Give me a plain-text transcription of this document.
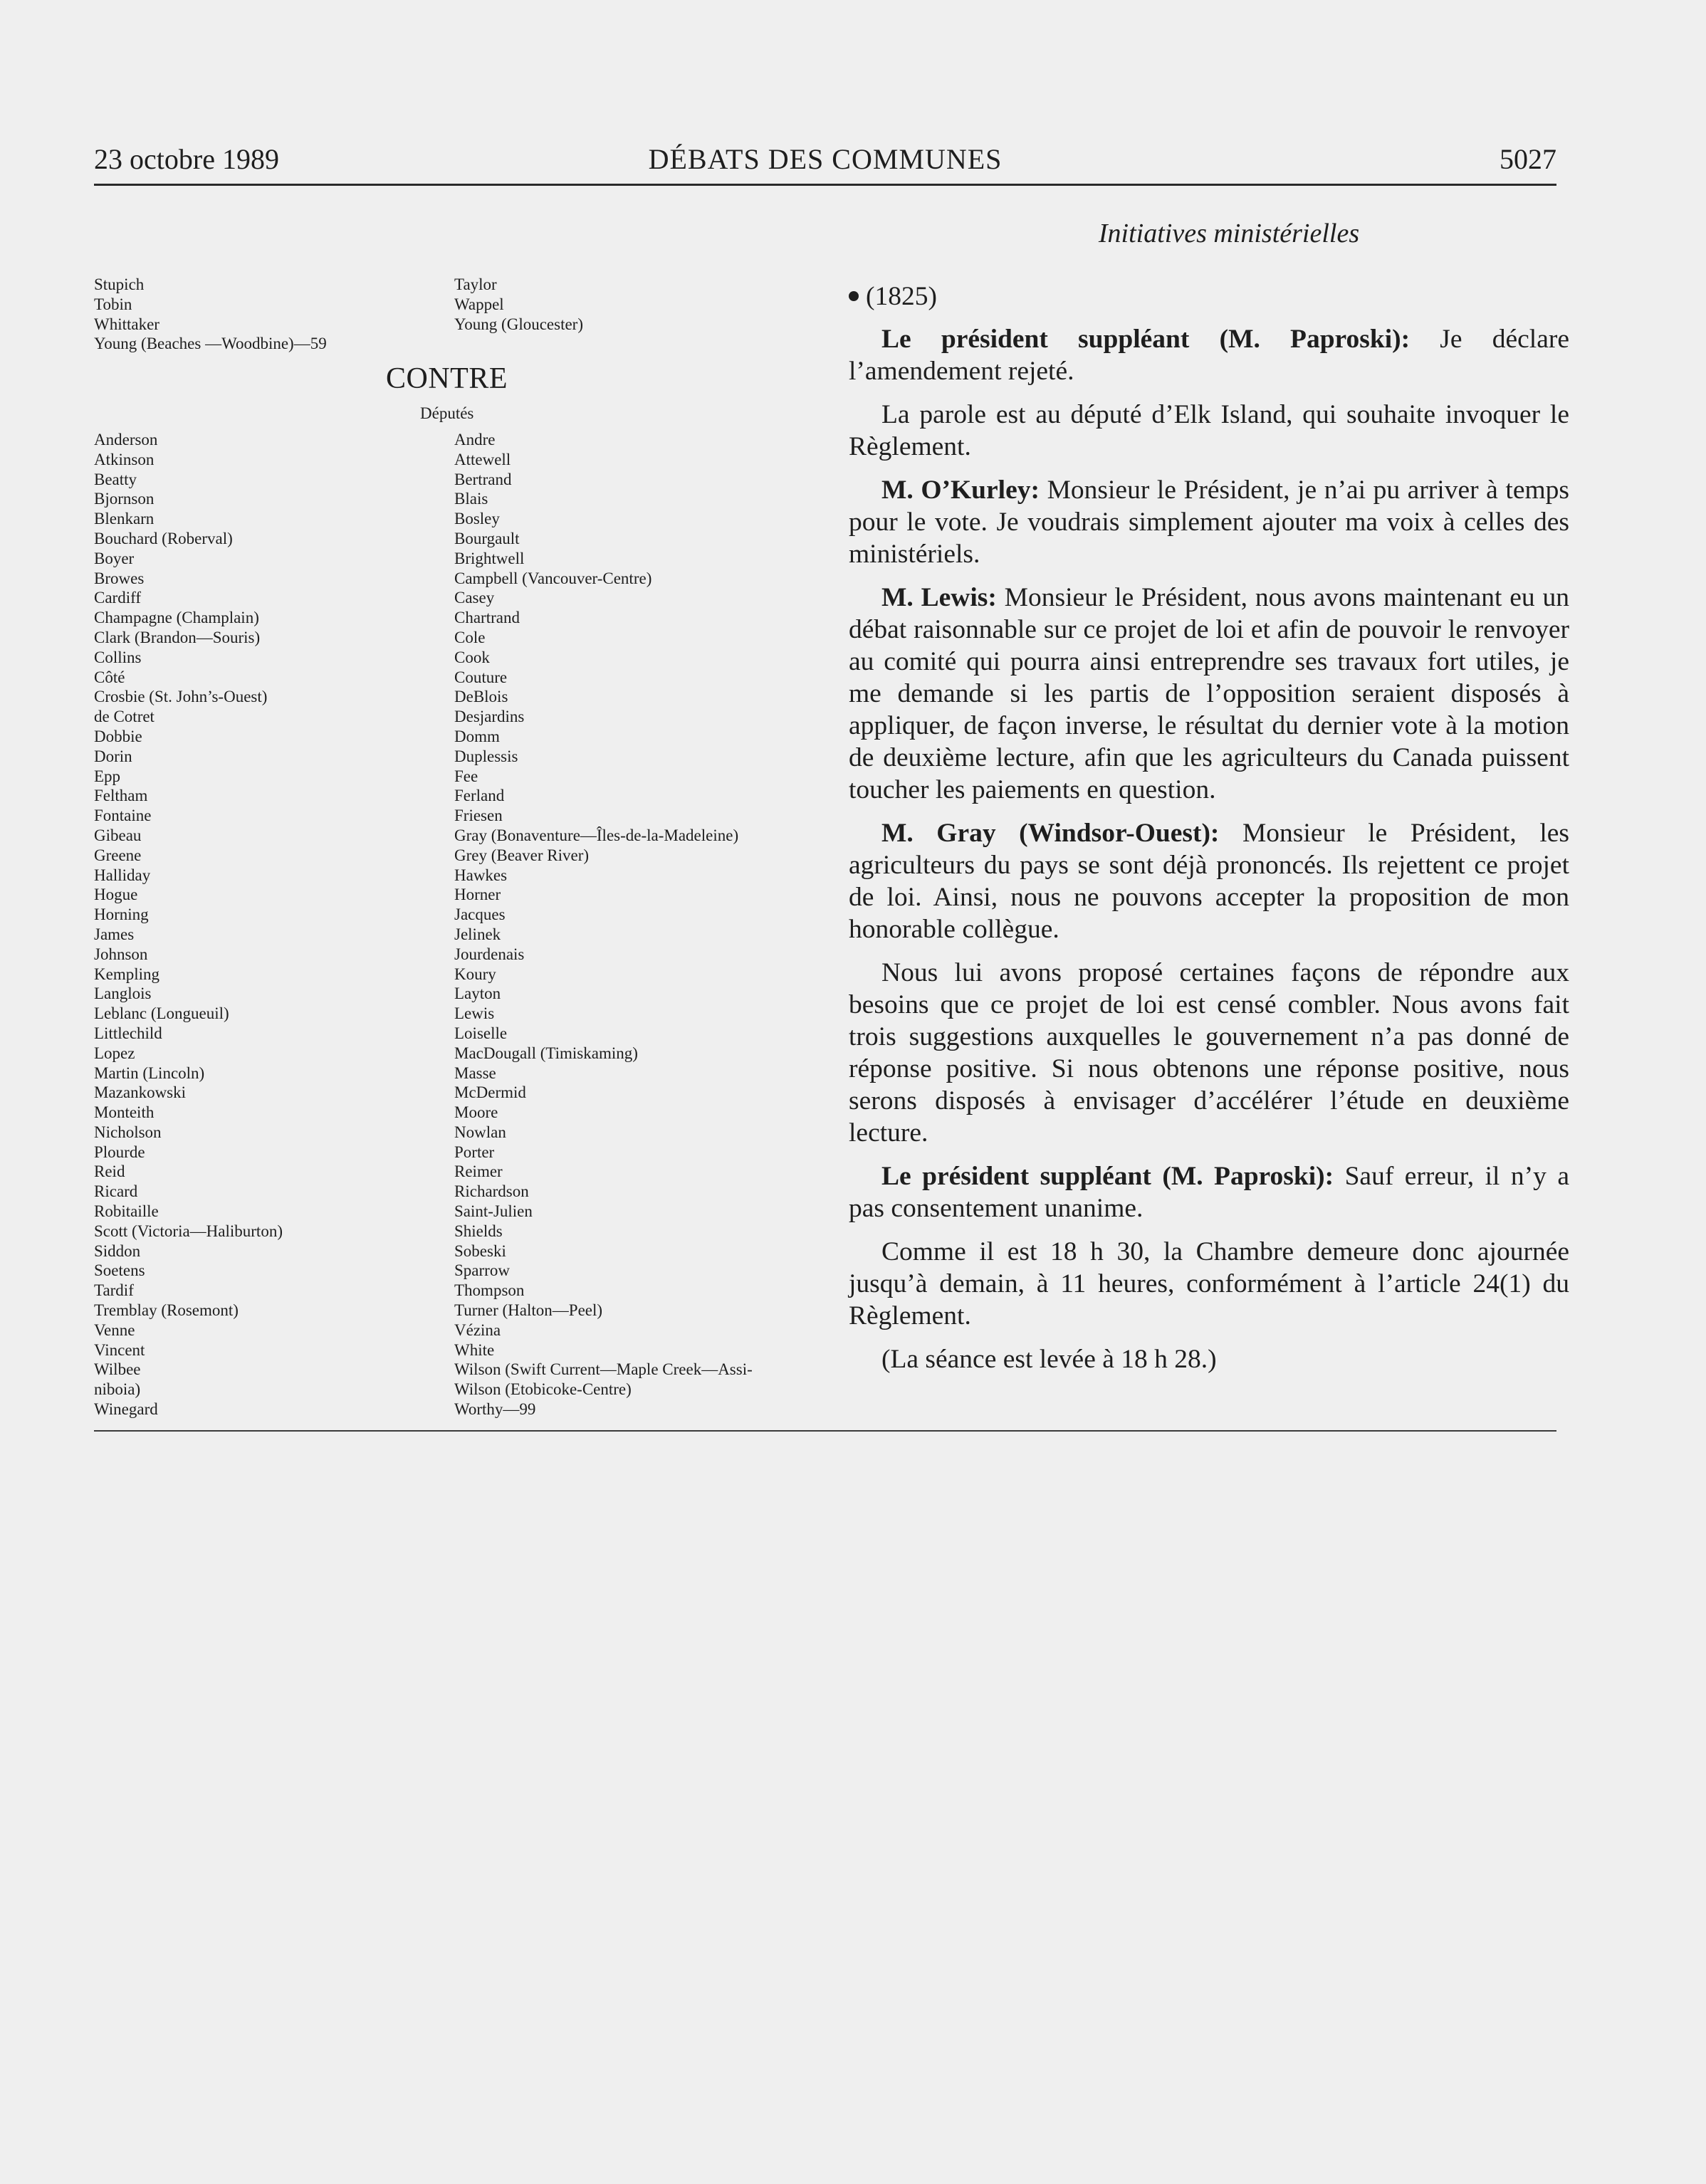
23 octobre 1989	DÉBATS DES COMMUNES	5027
Stupich
Tobin
Whittaker
Young (Beaches —Woodbine)—59
Taylor
Wappel
Young (Gloucester)
CONTRE
Députés
Anderson
Atkinson
Beatty
Bjornson
Blenkarn
Bouchard (Roberval)
Boyer
Browes
Cardiff
Champagne (Champlain)
Clark (Brandon—Souris)
Collins
Côté
Crosbie (St. John’s-Ouest)
de Cotret
Dobbie
Dorin
Epp
Feltham
Fontaine
Gibeau
Greene
Halliday
Hogue
Horning
James
Johnson
Kempling
Langlois
Leblanc (Longueuil)
Littlechild
Lopez
Martin (Lincoln)
Mazankowski
Monteith
Nicholson
Plourde
Reid
Ricard
Robitaille
Scott (Victoria—Haliburton)
Siddon
Soetens
Tardif
Tremblay (Rosemont)
Venne
Vincent
Wilbee
niboia)
Winegard
Andre
Attewell
Bertrand
Blais
Bosley
Bourgault
Brightwell
Campbell (Vancouver-Centre)
Casey
Chartrand
Cole
Cook
Couture
DeBlois
Desjardins
Domm
Duplessis
Fee
Ferland
Friesen
Gray (Bonaventure—Îles-de-la-Madeleine)
Grey (Beaver River)
Hawkes
Horner
Jacques
Jelinek
Jourdenais
Koury
Layton
Lewis
Loiselle
MacDougall (Timiskaming)
Masse
McDermid
Moore
Nowlan
Porter
Reimer
Richardson
Saint-Julien
Shields
Sobeski
Sparrow
Thompson
Turner (Halton—Peel)
Vézina
White
Wilson (Swift Current—Maple Creek—Assi-
Wilson (Etobicoke-Centre)
Worthy—99
Initiatives ministérielles
(1825)

Le président suppléant (M. Paproski): Je déclare l’amendement rejeté.

La parole est au député d’Elk Island, qui souhaite invoquer le Règlement.

M. O’Kurley: Monsieur le Président, je n’ai pu arriver à temps pour le vote. Je voudrais simplement ajouter ma voix à celles des ministériels.

M. Lewis: Monsieur le Président, nous avons maintenant eu un débat raisonnable sur ce projet de loi et afin de pouvoir le renvoyer au comité qui pourra ainsi entreprendre ses travaux fort utiles, je me demande si les partis de l’opposition seraient disposés à appliquer, de façon inverse, le résultat du dernier vote à la motion de deuxième lecture, afin que les agriculteurs du Canada puissent toucher les paiements en question.

M. Gray (Windsor-Ouest): Monsieur le Président, les agriculteurs du pays se sont déjà prononcés. Ils rejettent ce projet de loi. Ainsi, nous ne pouvons accepter la proposition de mon honorable collègue.

Nous lui avons proposé certaines façons de répondre aux besoins que ce projet de loi est censé combler. Nous avons fait trois suggestions auxquelles le gouvernement n’a pas donné de réponse positive. Si nous obtenons une réponse positive, nous serons disposés à envisager d’accélérer l’étude en deuxième lecture.

Le président suppléant (M. Paproski): Sauf erreur, il n’y a pas consentement unanime.

Comme il est 18 h 30, la Chambre demeure donc ajournée jusqu’à demain, à 11 heures, conformément à l’article 24(1) du Règlement.

(La séance est levée à 18 h 28.)
